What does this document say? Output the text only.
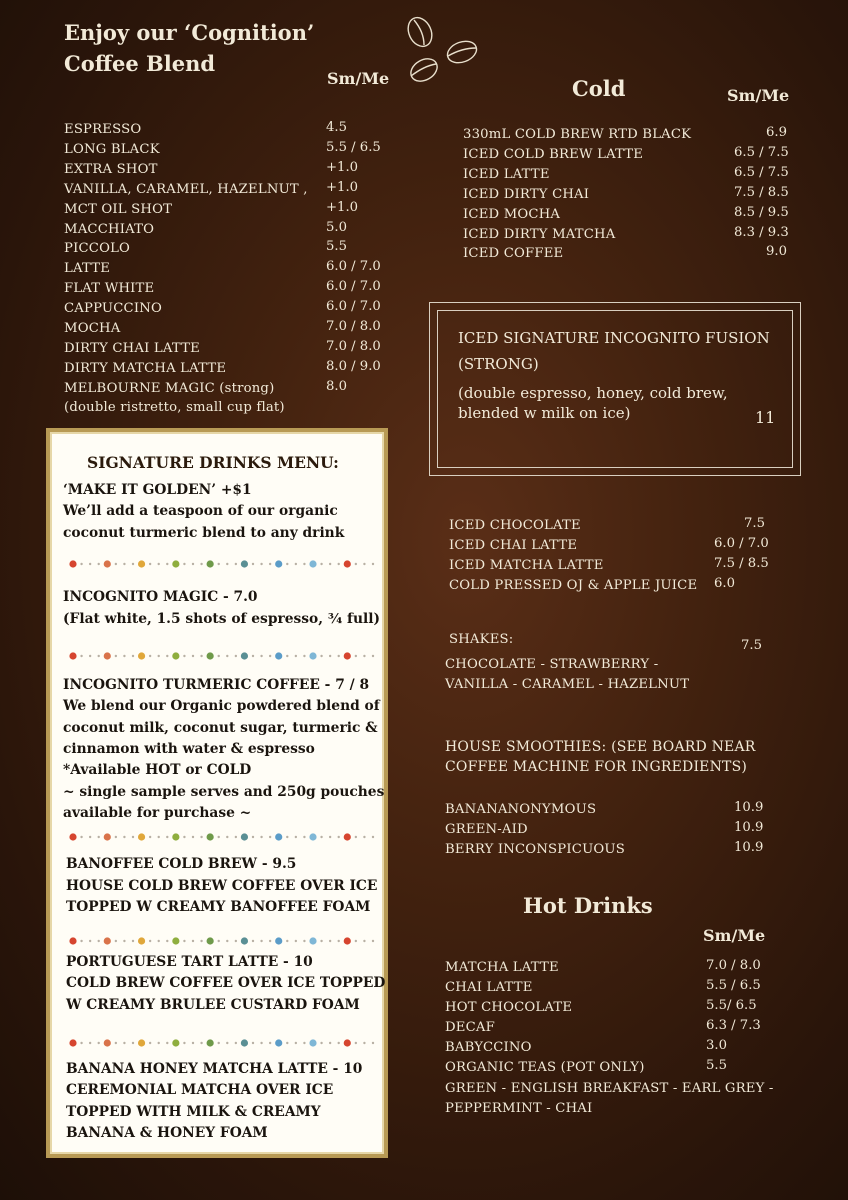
Enjoy our ‘Cognition’
Coffee Blend
Sm/Me
ESPRESSO	4.5
LONG BLACK	5.5 / 6.5
EXTRA SHOT	+1.0
VANILLA, CARAMEL, HAZELNUT , +1.0
MCT OIL SHOT	+1.0
MACCHIATO	5.0
PICCOLO	5.5
LATTE	6.0 / 7.0
FLAT WHITE	6.0 / 7.0
CAPPUCCINO	6.0 / 7.0
MOCHA	7.0 / 8.0
DIRTY CHAI LATTE	7.0 / 8.0
DIRTY MATCHA LATTE	8.0 / 9.0
MELBOURNE MAGIC (strong)	8.0
(double ristretto, small cup flat)
Cold	Sm/Me
330mL COLD BREW RTD BLACK	6.9
ICED COLD BREW LATTE	6.5 / 7.5
ICED LATTE	6.5 / 7.5
ICED DIRTY CHAI	7.5 / 8.5
ICED MOCHA	8.5 / 9.5
ICED DIRTY MATCHA	8.3 / 9.3
ICED COFFEE	9.0
ICED SIGNATURE INCOGNITO FUSION
(STRONG)
(double espresso, honey, cold brew,
blended w milk on ice)	11
ICED CHOCOLATE	7.5
ICED CHAI LATTE	6.0 / 7.0
ICED MATCHA LATTE	7.5 / 8.5
COLD PRESSED OJ & APPLE JUICE 6.0
SHAKES:	7.5
CHOCOLATE - STRAWBERRY -
VANILLA - CARAMEL - HAZELNUT
HOUSE SMOOTHIES: (SEE BOARD NEAR
COFFEE MACHINE FOR INGREDIENTS)
BANANANONYMOUS	10.9
GREEN-AID	10.9
BERRY INCONSPICUOUS	10.9
Hot Drinks
Sm/Me
MATCHA LATTE	7.0 / 8.0
CHAI LATTE	5.5 / 6.5
HOT CHOCOLATE	5.5/ 6.5
DECAF	6.3 / 7.3
BABYCCINO	3.0
ORGANIC TEAS (POT ONLY)	5.5
GREEN - ENGLISH BREAKFAST - EARL GREY -
PEPPERMINT - CHAI
SIGNATURE DRINKS MENU:
‘MAKE IT GOLDEN’ +$1
We’ll add a teaspoon of our organic
coconut turmeric blend to any drink
INCOGNITO MAGIC - 7.0
(Flat white, 1.5 shots of espresso, ¾ full)
INCOGNITO TURMERIC COFFEE - 7 / 8
We blend our Organic powdered blend of
coconut milk, coconut sugar, turmeric &
cinnamon with water & espresso
*Available HOT or COLD
~ single sample serves and 250g pouches
available for purchase ~
BANOFFEE COLD BREW - 9.5
HOUSE COLD BREW COFFEE OVER ICE
TOPPED W CREAMY BANOFFEE FOAM
PORTUGUESE TART LATTE - 10
COLD BREW COFFEE OVER ICE TOPPED
W CREAMY BRULEE CUSTARD FOAM
BANANA HONEY MATCHA LATTE - 10
CEREMONIAL MATCHA OVER ICE
TOPPED WITH MILK & CREAMY
BANANA & HONEY FOAM
